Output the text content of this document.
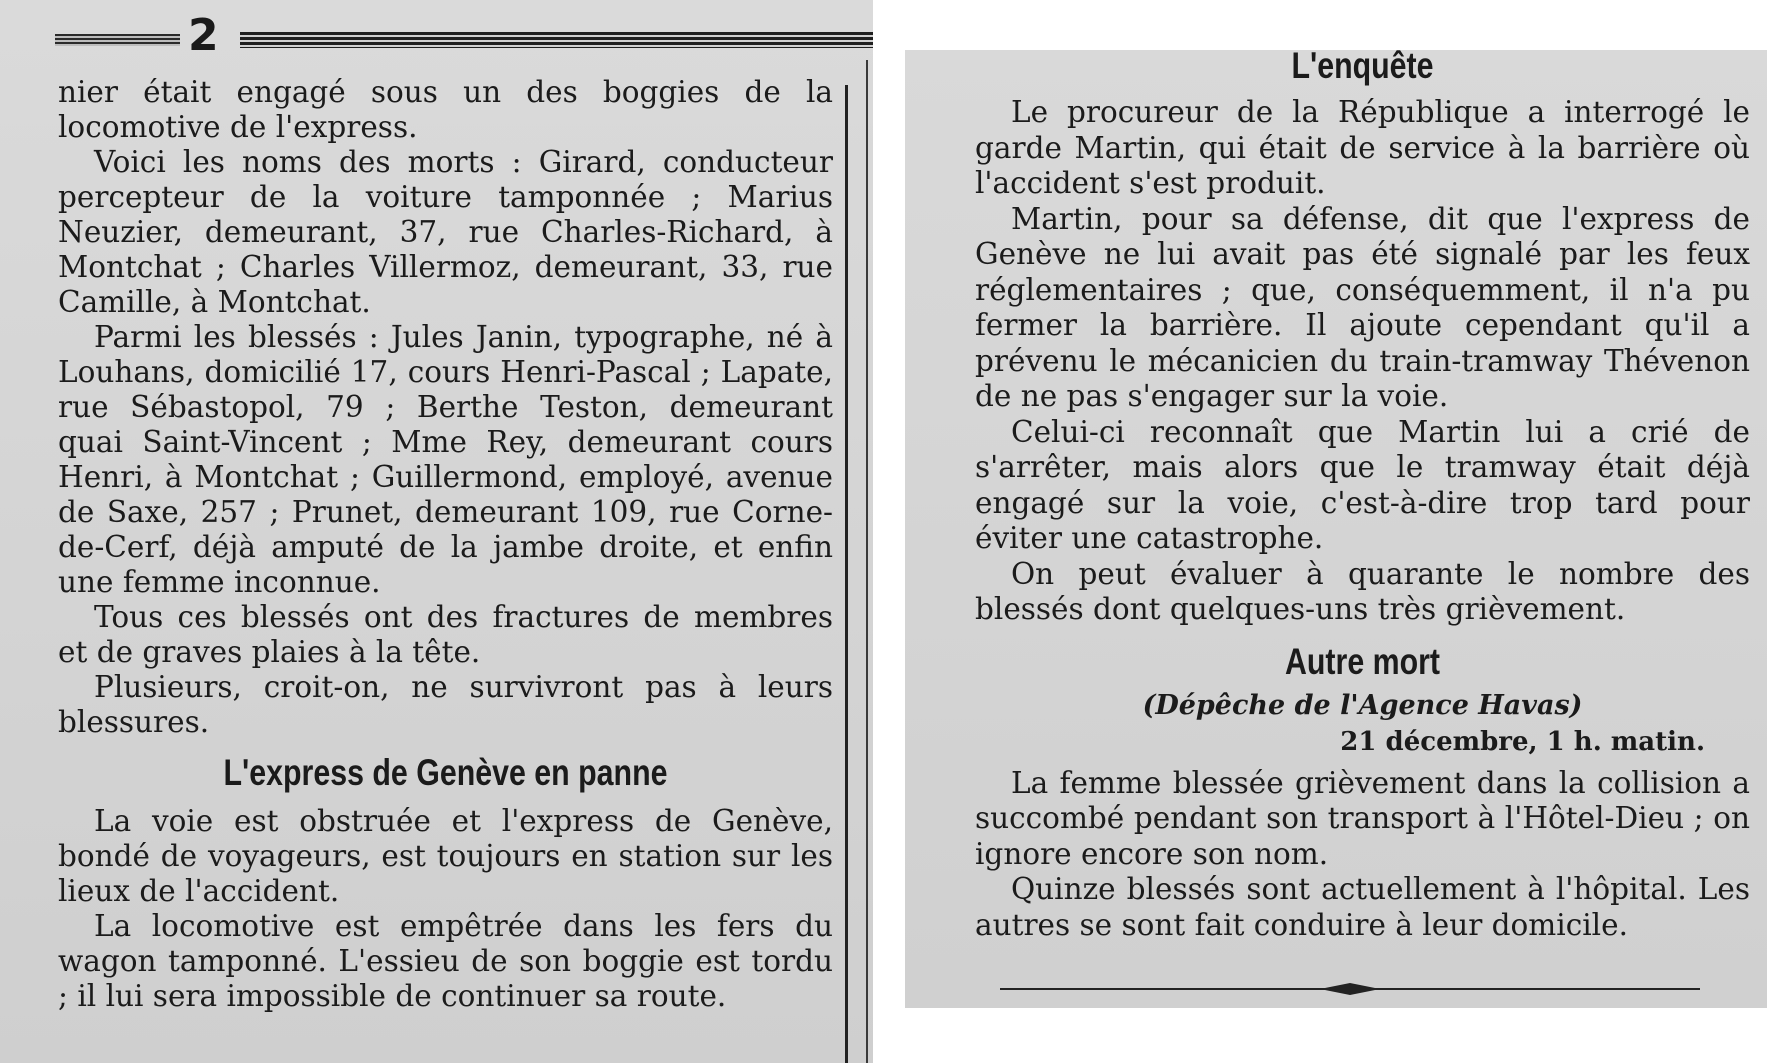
2

nier était engagé sous un des boggies de la locomotive de l'express.

Voici les noms des morts : Girard, conducteur percepteur de la voiture tamponnée ; Marius Neuzier, demeurant, 37, rue Charles-Richard, à Montchat ; Charles Villermoz, demeurant, 33, rue Camille, à Montchat.

Parmi les blessés : Jules Janin, typographe, né à Louhans, domicilié 17, cours Henri-Pascal ; Lapate, rue Sébastopol, 79 ; Berthe Teston, demeurant quai Saint-Vincent ; Mme Rey, demeurant cours Henri, à Montchat ; Guillermond, employé, avenue de Saxe, 257 ; Prunet, demeurant 109, rue Corne-de-Cerf, déjà amputé de la jambe droite, et enfin une femme inconnue.

Tous ces blessés ont des fractures de membres et de graves plaies à la tête.

Plusieurs, croit-on, ne survivront pas à leurs blessures.

L'express de Genève en panne

La voie est obstruée et l'express de Genève, bondé de voyageurs, est toujours en station sur les lieux de l'accident.

La locomotive est empêtrée dans les fers du wagon tamponné. L'essieu de son boggie est tordu ; il lui sera impossible de continuer sa route.

L'enquête

Le procureur de la République a interrogé le garde Martin, qui était de service à la barrière où l'accident s'est produit.

Martin, pour sa défense, dit que l'express de Genève ne lui avait pas été signalé par les feux réglementaires ; que, conséquemment, il n'a pu fermer la barrière. Il ajoute cependant qu'il a prévenu le mécanicien du train-tramway Thévenon de ne pas s'engager sur la voie.

Celui-ci reconnaît que Martin lui a crié de s'arrêter, mais alors que le tramway était déjà engagé sur la voie, c'est-à-dire trop tard pour éviter une catastrophe.

On peut évaluer à quarante le nombre des blessés dont quelques-uns très grièvement.

Autre mort

(Dépêche de l'Agence Havas)

21 décembre, 1 h. matin.

La femme blessée grièvement dans la collision a succombé pendant son transport à l'Hôtel-Dieu ; on ignore encore son nom.

Quinze blessés sont actuellement à l'hôpital. Les autres se sont fait conduire à leur domicile.
